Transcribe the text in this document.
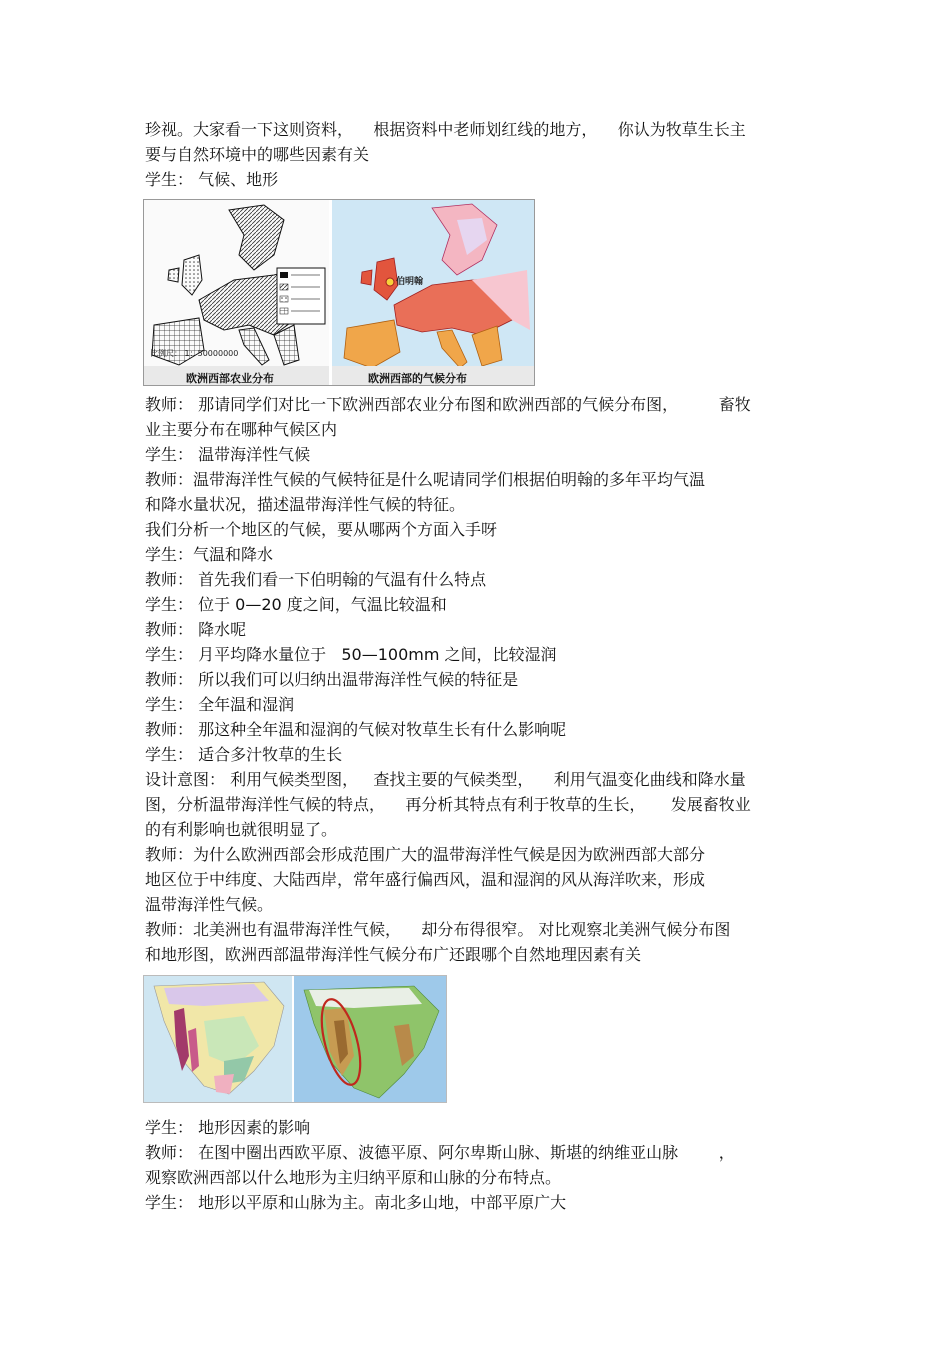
珍视。大家看一下这则资料，    根据资料中老师划红线的地方，    你认为牧草生长主
要与自然环境中的哪些因素有关
学生： 气候、地形
比例尺： 1：50000000
欧洲西部农业分布
伯明翰
欧洲西部的气候分布
教师： 那请同学们对比一下欧洲西部农业分布图和欧洲西部的气候分布图，        畜牧
业主要分布在哪种气候区内
学生： 温带海洋性气候
教师：温带海洋性气候的气候特征是什么呢请同学们根据伯明翰的多年平均气温
和降水量状况，描述温带海洋性气候的特征。
我们分析一个地区的气候，要从哪两个方面入手呀
学生：气温和降水
教师： 首先我们看一下伯明翰的气温有什么特点
学生： 位于 0—20 度之间，气温比较温和
教师： 降水呢
学生： 月平均降水量位于   50—100mm 之间，比较湿润
教师： 所以我们可以归纳出温带海洋性气候的特征是
学生： 全年温和湿润
教师： 那这种全年温和湿润的气候对牧草生长有什么影响呢
学生： 适合多汁牧草的生长
设计意图： 利用气候类型图，   查找主要的气候类型，    利用气温变化曲线和降水量
图，分析温带海洋性气候的特点，    再分析其特点有利于牧草的生长，     发展畜牧业
的有利影响也就很明显了。
教师：为什么欧洲西部会形成范围广大的温带海洋性气候是因为欧洲西部大部分
地区位于中纬度、大陆西岸，常年盛行偏西风，温和湿润的风从海洋吹来，形成
温带海洋性气候。
教师：北美洲也有温带海洋性气候，    却分布得很窄。 对比观察北美洲气候分布图
和地形图，欧洲西部温带海洋性气候分布广还跟哪个自然地理因素有关
学生： 地形因素的影响
教师： 在图中圈出西欧平原、波德平原、阿尔卑斯山脉、斯堪的纳维亚山脉        ，
观察欧洲西部以什么地形为主归纳平原和山脉的分布特点。
学生： 地形以平原和山脉为主。南北多山地，中部平原广大
